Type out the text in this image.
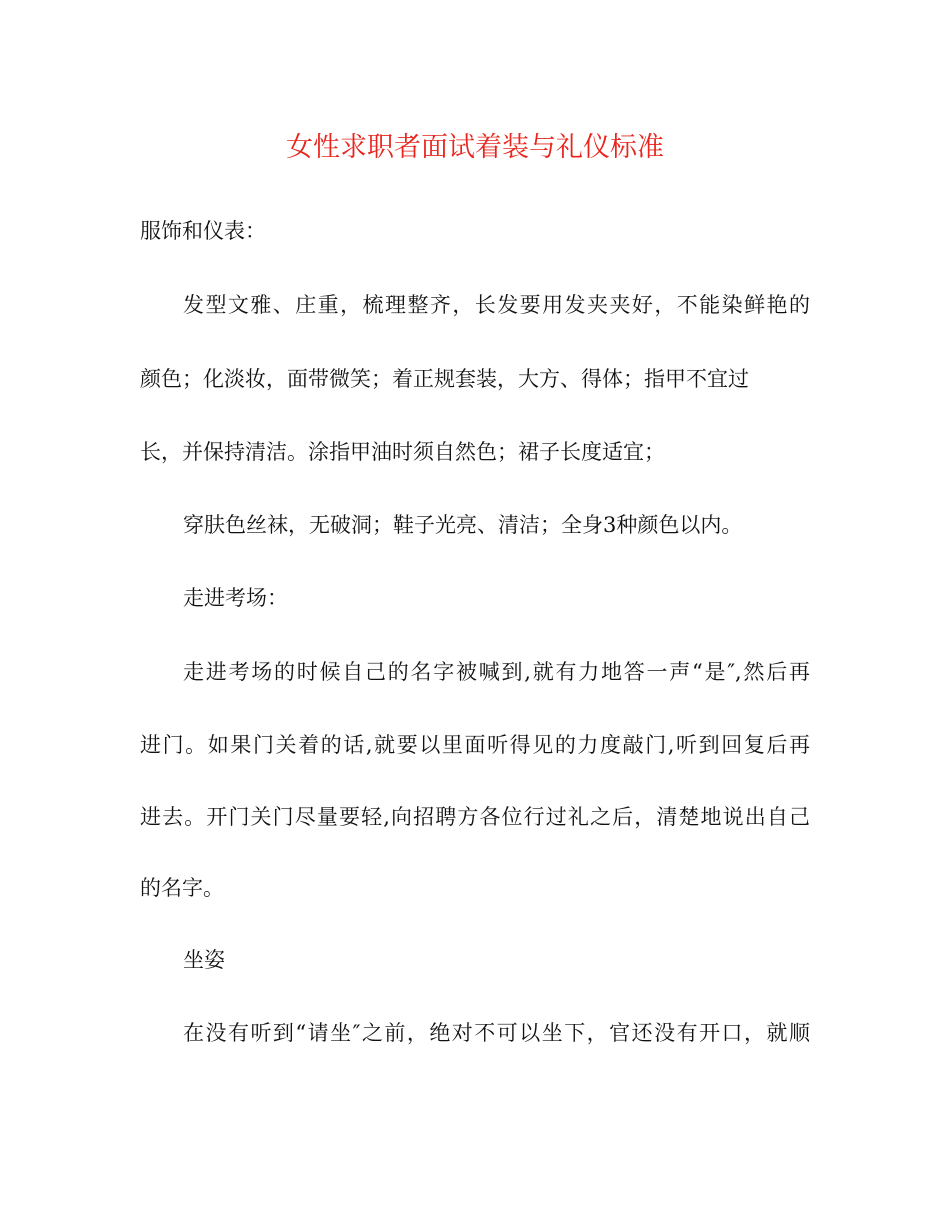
女性求职者面试着装与礼仪标准

服饰和仪表：

发型文雅、庄重，梳理整齐，长发要用发夹夹好，不能染鲜艳的

颜色；化淡妆，面带微笑；着正规套装，大方、得体；指甲不宜过

长，并保持清洁。涂指甲油时须自然色；裙子长度适宜；

穿肤色丝袜，无破洞；鞋子光亮、清洁；全身3种颜色以内。

走进考场：

走进考场的时候自己的名字被喊到,就有力地答一声“是″,然后再

进门。如果门关着的话,就要以里面听得见的力度敲门,听到回复后再

进去。开门关门尽量要轻,向招聘方各位行过礼之后，清楚地说出自己

的名字。

坐姿

在没有听到“请坐″之前，绝对不可以坐下，官还没有开口，就顺
